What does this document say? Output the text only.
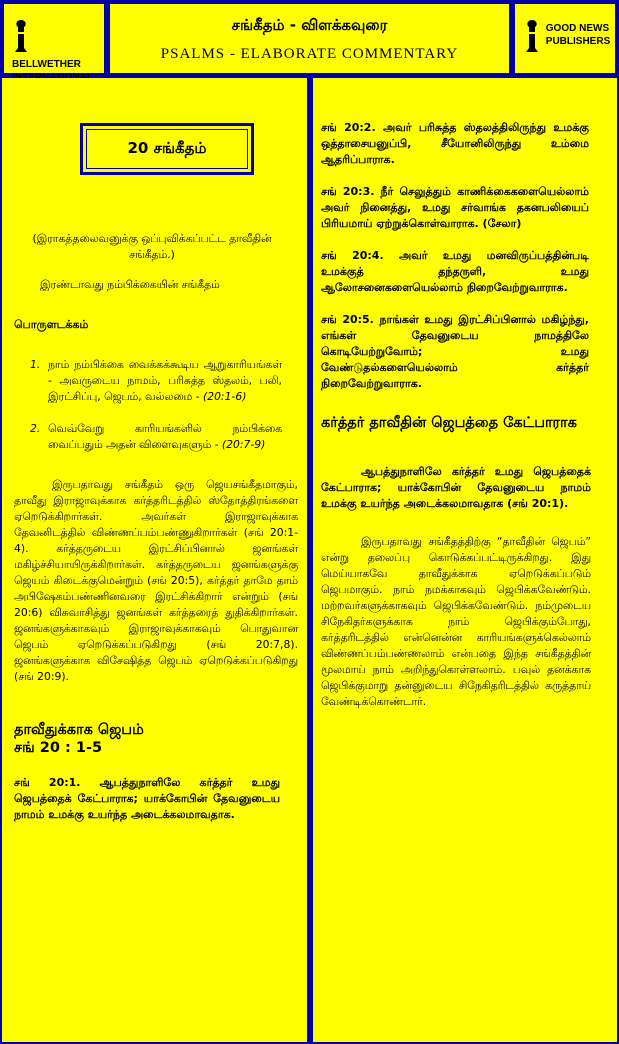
BELLWETHER
சங்கீதம் - விளக்கவுரை
PSALMS - ELABORATE COMMENTARY

GOOD NEWS
PUBLISHERS
20 சங்கீதம்

(இராகத்தலைவனுக்கு ஒப்புவிக்கப்பட்ட தாவீதின் சங்கீதம்.)

இரண்டாவது நம்பிக்கையின் சங்கீதம்

பொருளடக்கம்

1. நாம் நம்பிக்கை வைக்கக்கூடிய ஆறுகாரியங்கள் - அவருடைய நாமம், பரிசுத்த ஸ்தலம், பலி, இரட்சிப்பு, ஜெபம், வல்லமை - (20:1-6)
2. வெவ்வேறு காரியங்களில் நம்பிக்கை வைப்பதும் அதன் விளைவுகளும் - (20:7-9)

இருபதாவது சங்கீதம் ஒரு ஜெயசங்கீதமாகும், தாவீது இராஜாவுக்காக கர்த்தரிடத்தில் ஸ்தோத்திரங்களை ஏறெடுக்கிறார்கள். அவர்கள் இராஜாவுக்காக தேவனிடத்தில் விண்ணப்பம்பண்ணுகிறார்கள் (சங் 20:1-4). கர்த்தருடைய இரட்சிப்பினால் ஜனங்கள் மகிழ்ச்சியாயிருக்கிறார்கள். கர்த்தருடைய ஜனங்களுக்கு ஜெயம் கிடைக்குமென்றும் (சங் 20:5), கர்த்தர் தாமே தாம் அபிஷேகம்பண்ணினவரை இரட்சிக்கிறார் என்றும் (சங் 20:6) விசுவாசித்து ஜனங்கள் கர்த்தரைத் துதிக்கிறார்கள். ஜனங்களுக்காகவும் இராஜாவுக்காகவும் பொதுவான ஜெபம் ஏறெடுக்கப்படுகிறது (சங் 20:7,8). ஜனங்களுக்காக விசேஷித்த ஜெபம் ஏறெடுக்கப்படுகிறது (சங் 20:9).

தாவீதுக்காக ஜெபம்

சங் 20 : 1-5

சங் 20:1. ஆபத்துநாளிலே கர்த்தர் உமது ஜெபத்தைக் கேட்பாராக; யாக்கோபின் தேவனுடைய நாமம் உமக்கு உயர்ந்த அடைக்கலமாவதாக.

சங் 20:2. அவர் பரிசுத்த ஸ்தலத்திலிருந்து உமக்கு ஒத்தாசையனுப்பி, சீயோனிலிருந்து உம்மை ஆதரிப்பாராக.

சங் 20:3. நீர் செலுத்தும் காணிக்கைகளையெல்லாம் அவர் நினைத்து, உமது சர்வாங்க தகனபலியைப் பிரியமாய் ஏற்றுக்கொள்வாராக. (சேலா)

சங் 20:4. அவர் உமது மனவிருப்பத்தின்படி உமக்குத் தந்தருளி, உமது ஆலோசனைகளையெல்லாம் நிறைவேற்றுவாராக.

சங் 20:5. நாங்கள் உமது இரட்சிப்பினால் மகிழ்ந்து, எங்கள் தேவனுடைய நாமத்திலே கொடியேற்றுவோம்; உமது வேண்டுதல்களையெல்லாம் கர்த்தர் நிறைவேற்றுவாராக.

கர்த்தர் தாவீதின் ஜெபத்தை கேட்பாராக

ஆபத்துநாளிலே கர்த்தர் உமது ஜெபத்தைக் கேட்பாராக; யாக்கோபின் தேவனுடைய நாமம் உமக்கு உயர்ந்த அடைக்கலமாவதாக (சங் 20:1).

இருபதாவது சங்கீதத்திற்கு “தாவீதின் ஜெபம்” என்று தலைப்பு கொடுக்கப்பட்டிருக்கிறது. இது மெய்யாகவே தாவீதுக்காக ஏறெடுக்கப்படும் ஜெபமாகும். நாம் நமக்காகவும் ஜெபிக்கவேண்டும். மற்றவர்களுக்காகவும் ஜெபிக்கவேண்டும். நம்முடைய சிநேகிதர்களுக்காக நாம் ஜெபிக்கும்போது, கர்த்தரிடத்தில் என்னென்ன காரியங்களுக்கெல்லாம் விண்ணப்பம்பண்ணலாம் என்பதை இந்த சங்கீதத்தின் மூலமாய் நாம் அறிந்துகொள்ளலாம். பவுல் தனக்காக ஜெபிக்குமாறு தன்னுடைய சிநேகிதரிடத்தில் கருத்தாய் வேண்டிக்கொண்டார்.
